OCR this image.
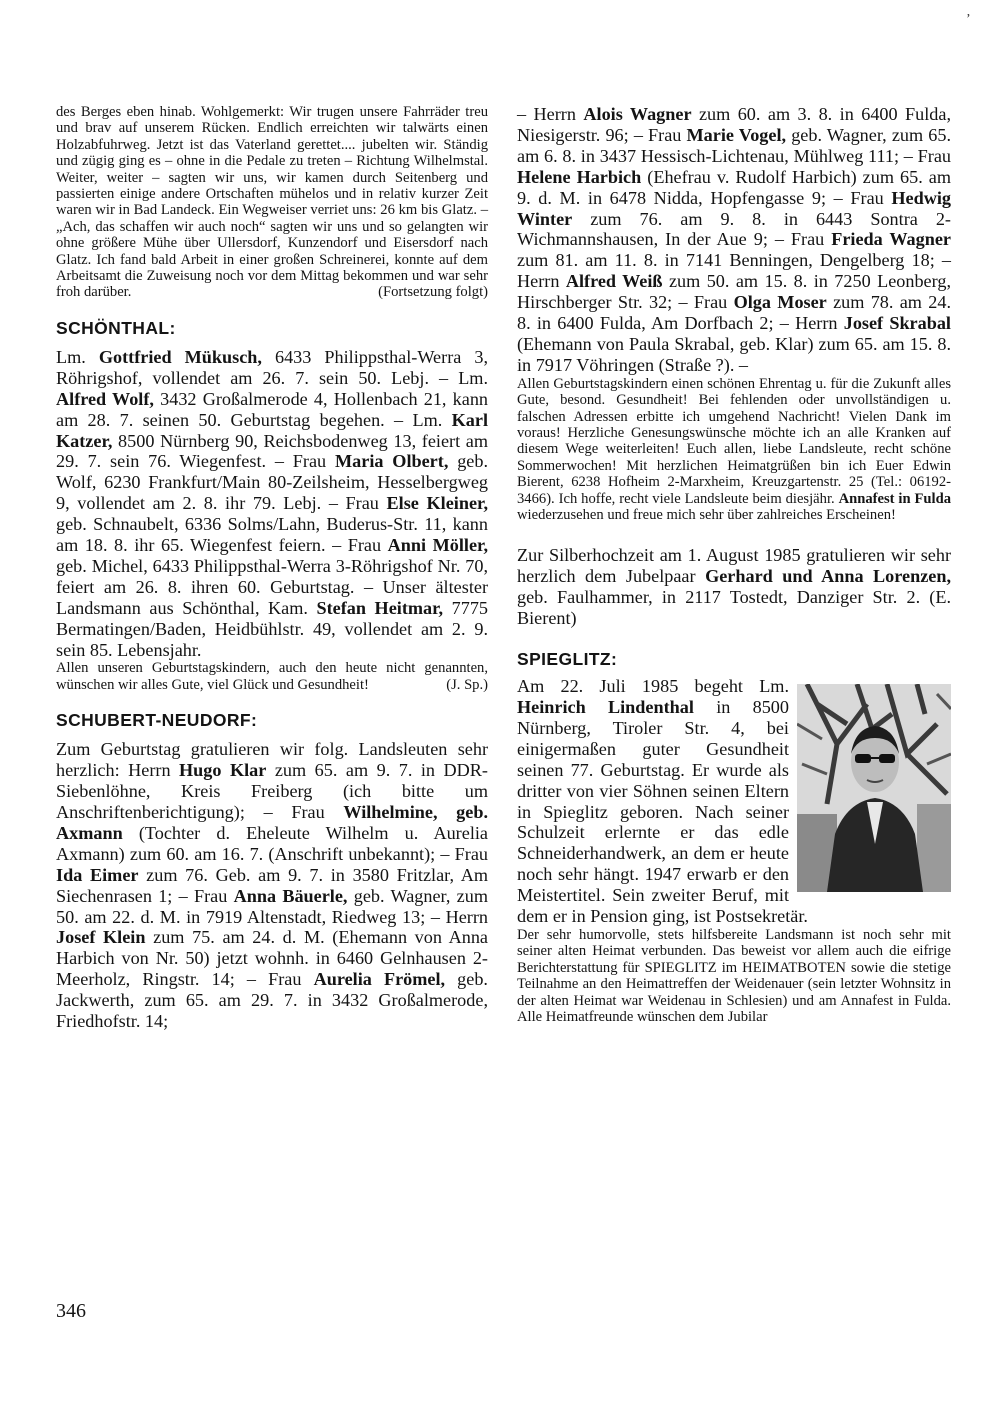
’

des Berges eben hinab. Wohlgemerkt: Wir trugen unsere Fahrräder treu und brav auf unserem Rücken. Endlich erreichten wir talwärts einen Holzabfuhrweg. Jetzt ist das Vaterland gerettet.... jubelten wir. Ständig und zügig ging es – ohne in die Pedale zu treten – Richtung Wilhelmstal. Weiter, weiter – sagten wir uns, wir kamen durch Seitenberg und passierten einige andere Ortschaften mühelos und in relativ kurzer Zeit waren wir in Bad Landeck. Ein Wegweiser verriet uns: 26 km bis Glatz. – „Ach, das schaffen wir auch noch“ sagten wir uns und so gelangten wir ohne größere Mühe über Ullersdorf, Kunzendorf und Eisersdorf nach Glatz. Ich fand bald Arbeit in einer großen Schreinerei, konnte auf dem Arbeitsamt die Zuweisung noch vor dem Mittag bekommen und war sehr froh darüber.	(Fortsetzung folgt)

SCHÖNTHAL:

Lm. Gottfried Mükusch, 6433 Philippsthal-Werra 3, Röhrigshof, vollendet am 26. 7. sein 50. Lebj. – Lm. Alfred Wolf, 3432 Großalmerode 4, Hollenbach 21, kann am 28. 7. seinen 50. Geburtstag begehen. – Lm. Karl Katzer, 8500 Nürnberg 90, Reichsbodenweg 13, feiert am 29. 7. sein 76. Wiegenfest. – Frau Maria Olbert, geb. Wolf, 6230 Frankfurt/Main 80-Zeilsheim, Hesselbergweg 9, vollendet am 2. 8. ihr 79. Lebj. – Frau Else Kleiner, geb. Schnaubelt, 6336 Solms/Lahn, Buderus-Str. 11, kann am 18. 8. ihr 65. Wiegenfest feiern. – Frau Anni Möller, geb. Michel, 6433 Philippsthal-Werra 3-Röhrigshof Nr. 70, feiert am 26. 8. ihren 60. Geburtstag. – Unser ältester Landsmann aus Schönthal, Kam. Stefan Heitmar, 7775 Bermatingen/Baden, Heidbühlstr. 49, vollendet am 2. 9. sein 85. Lebensjahr.

Allen unseren Geburtstagskindern, auch den heute nicht genannten, wünschen wir alles Gute, viel Glück und Gesundheit!	(J. Sp.)

SCHUBERT-NEUDORF:

Zum Geburtstag gratulieren wir folg. Landsleuten sehr herzlich: Herrn Hugo Klar zum 65. am 9. 7. in DDR-Siebenlöhne, Kreis Freiberg (ich bitte um Anschriftenberichtigung); – Frau Wilhelmine, geb. Axmann (Tochter d. Eheleute Wilhelm u. Aurelia Axmann) zum 60. am 16. 7. (Anschrift unbekannt); – Frau Ida Eimer zum 76. Geb. am 9. 7. in 3580 Fritzlar, Am Siechenrasen 1; – Frau Anna Bäuerle, geb. Wagner, zum 50. am 22. d. M. in 7919 Altenstadt, Riedweg 13; – Herrn Josef Klein zum 75. am 24. d. M. (Ehemann von Anna Harbich von Nr. 50) jetzt wohnh. in 6460 Gelnhausen 2-Meerholz, Ringstr. 14; – Frau Aurelia Frömel, geb. Jackwerth, zum 65. am 29. 7. in 3432 Großalmerode, Friedhofstr. 14;

– Herrn Alois Wagner zum 60. am 3. 8. in 6400 Fulda, Niesigerstr. 96; – Frau Marie Vogel, geb. Wagner, zum 65. am 6. 8. in 3437 Hessisch-Lichtenau, Mühlweg 111; – Frau Helene Harbich (Ehefrau v. Rudolf Harbich) zum 65. am 9. d. M. in 6478 Nidda, Hopfengasse 9; – Frau Hedwig Winter zum 76. am 9. 8. in 6443 Sontra 2-Wichmannshausen, In der Aue 9; – Frau Frieda Wagner zum 81. am 11. 8. in 7141 Benningen, Dengelberg 18; – Herrn Alfred Weiß zum 50. am 15. 8. in 7250 Leonberg, Hirschberger Str. 32; – Frau Olga Moser zum 78. am 24. 8. in 6400 Fulda, Am Dorfbach 2; – Herrn Josef Skrabal (Ehemann von Paula Skrabal, geb. Klar) zum 65. am 15. 8. in 7917 Vöhringen (Straße ?). –

Allen Geburtstagskindern einen schönen Ehrentag u. für die Zukunft alles Gute, besond. Gesundheit! Bei fehlenden oder unvollständigen u. falschen Adressen erbitte ich umgehend Nachricht! Vielen Dank im voraus! Herzliche Genesungswünsche möchte ich an alle Kranken auf diesem Wege weiterleiten! Euch allen, liebe Landsleute, recht schöne Sommerwochen! Mit herzlichen Heimatgrüßen bin ich Euer Edwin Bierent, 6238 Hofheim 2-Marxheim, Kreuzgartenstr. 25 (Tel.: 06192-3466). Ich hoffe, recht viele Landsleute beim diesjähr. Annafest in Fulda wiederzusehen und freue mich sehr über zahlreiches Erscheinen!

Zur Silberhochzeit am 1. August 1985 gratulieren wir sehr herzlich dem Jubelpaar Gerhard und Anna Lorenzen, geb. Faulhammer, in 2117 Tostedt, Danziger Str. 2. (E. Bierent)

SPIEGLITZ:

Am 22. Juli 1985 begeht Lm. Heinrich Lindenthal in 8500 Nürnberg, Tiroler Str. 4, bei einigermaßen guter Gesundheit seinen 77. Geburtstag. Er wurde als dritter von vier Söhnen seinen Eltern in Spieglitz geboren. Nach seiner Schulzeit erlernte er das edle Schneiderhandwerk, an dem er heute noch sehr hängt. 1947 erwarb er den Meistertitel. Sein zweiter Beruf, mit dem er in Pension ging, ist Postsekretär.

Der sehr humorvolle, stets hilfsbereite Landsmann ist noch sehr mit seiner alten Heimat verbunden. Das beweist vor allem auch die eifrige Berichterstattung für SPIEGLITZ im HEIMATBOTEN sowie die stetige Teilnahme an den Heimattreffen der Weidenauer (sein letzter Wohnsitz in der alten Heimat war Weidenau in Schlesien) und am Annafest in Fulda. Alle Heimatfreunde wünschen dem Jubilar

346
